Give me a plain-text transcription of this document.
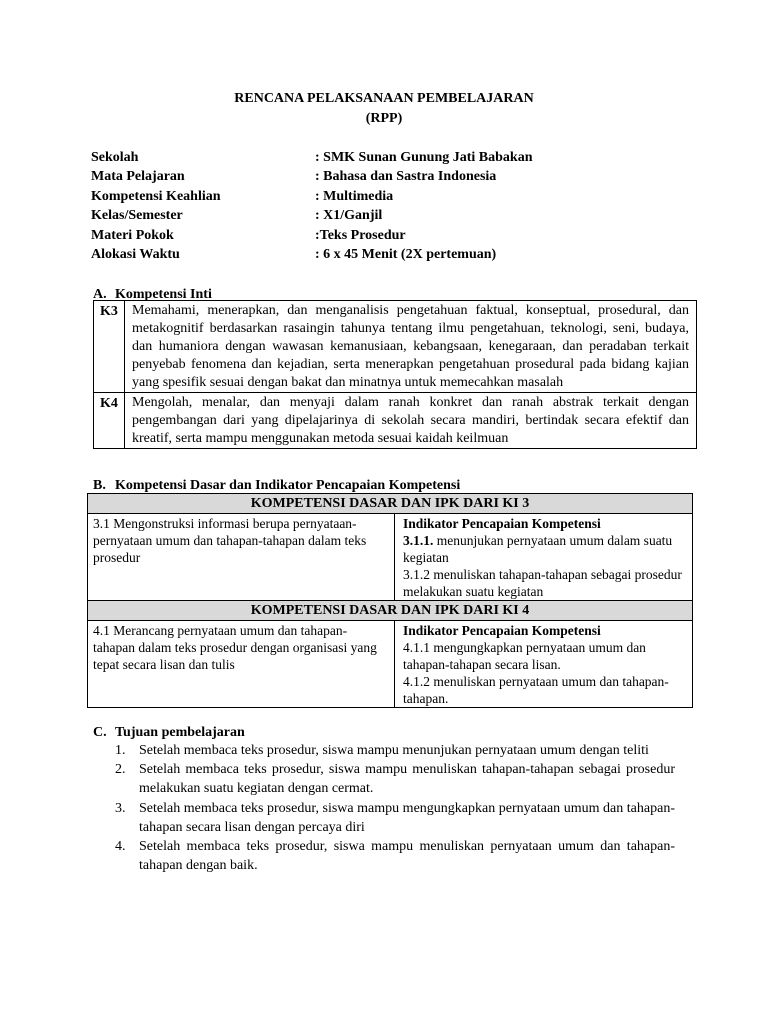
RENCANA PELAKSANAAN PEMBELAJARAN
(RPP)
Sekolah	: SMK Sunan Gunung Jati Babakan
Mata Pelajaran	: Bahasa dan Sastra Indonesia
Kompetensi Keahlian	: Multimedia
Kelas/Semester	: X1/Ganjil
Materi Pokok	:Teks Prosedur
Alokasi Waktu	: 6 x 45 Menit (2X pertemuan)
A. Kompetensi Inti
K3	Memahami, menerapkan, dan menganalisis pengetahuan faktual, konseptual, prosedural, dan metakognitif berdasarkan rasaingin tahunya tentang ilmu pengetahuan, teknologi, seni, budaya, dan humaniora dengan wawasan kemanusiaan, kebangsaan, kenegaraan, dan peradaban terkait penyebab fenomena dan kejadian, serta menerapkan pengetahuan prosedural pada bidang kajian yang spesifik sesuai dengan bakat dan minatnya untuk memecahkan masalah
K4	Mengolah, menalar, dan menyaji dalam ranah konkret dan ranah abstrak terkait dengan pengembangan dari yang dipelajarinya di sekolah secara mandiri, bertindak secara efektif dan kreatif, serta mampu menggunakan metoda sesuai kaidah keilmuan
B. Kompetensi Dasar dan Indikator Pencapaian Kompetensi
KOMPETENSI DASAR DAN IPK DARI KI 3	
3.1 Mengonstruksi informasi berupa pernyataan-pernyataan umum dan tahapan-tahapan dalam teks prosedur	Indikator Pencapaian Kompetensi
3.1.1. menunjukan pernyataan umum dalam suatu kegiatan
3.1.2 menuliskan tahapan-tahapan sebagai prosedur melakukan suatu kegiatan

KOMPETENSI DASAR DAN IPK DARI KI 4	
4.1 Merancang pernyataan umum dan tahapan-tahapan dalam teks prosedur dengan organisasi yang tepat secara lisan dan tulis	Indikator Pencapaian Kompetensi
4.1.1 mengungkapkan pernyataan umum dan tahapan-tahapan secara lisan.
4.1.2 menuliskan pernyataan umum dan tahapan-tahapan.
C. Tujuan pembelajaran
1. Setelah membaca teks prosedur, siswa mampu menunjukan pernyataan umum dengan teliti
2. Setelah membaca teks prosedur, siswa mampu menuliskan tahapan-tahapan sebagai prosedur melakukan suatu kegiatan dengan cermat.
3. Setelah membaca teks prosedur, siswa mampu mengungkapkan pernyataan umum dan tahapan-tahapan secara lisan dengan percaya diri
4. Setelah membaca teks prosedur, siswa mampu menuliskan pernyataan umum dan tahapan-tahapan dengan baik.
